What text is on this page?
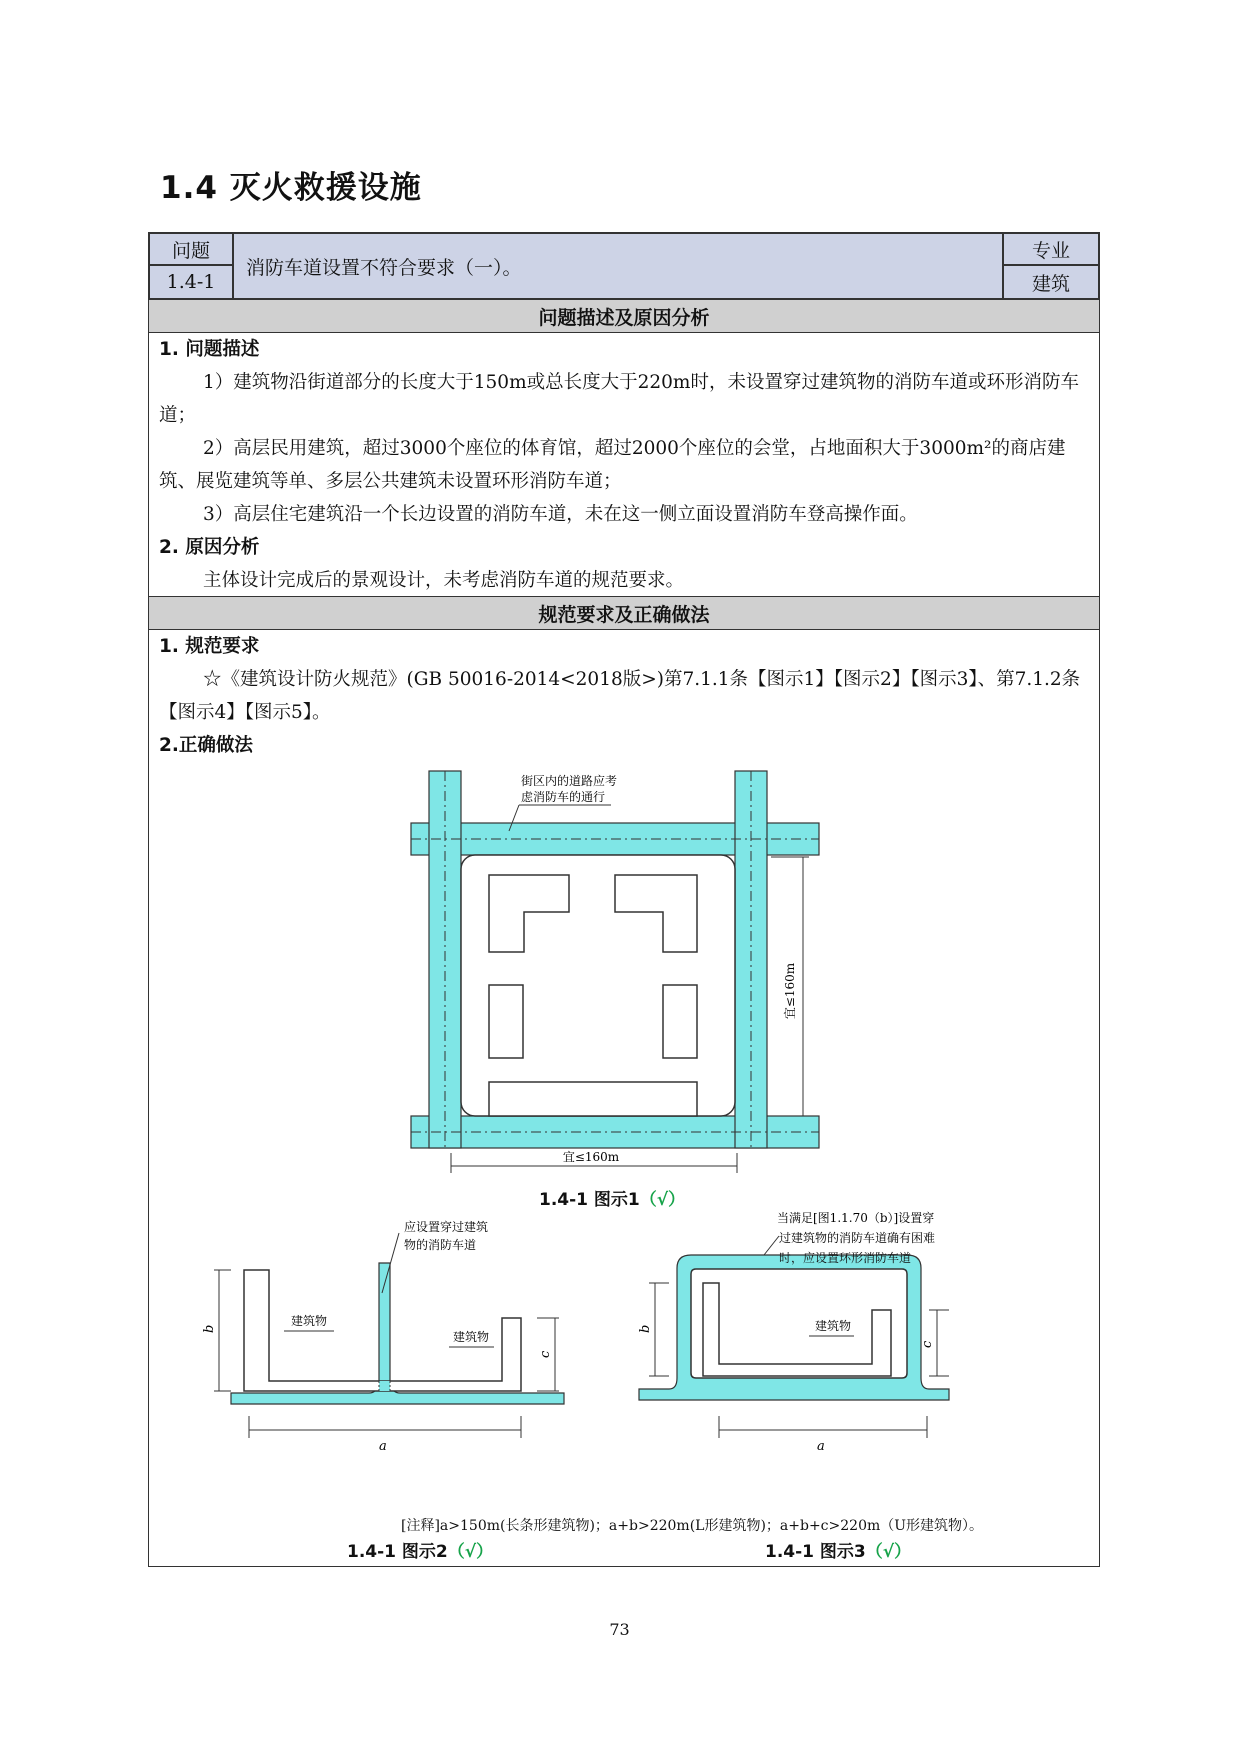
1.4 灭火救援设施
问题
1.4-1
消防车道设置不符合要求（一）。
专业
建筑
问题描述及原因分析
1. 问题描述
1）建筑物沿街道部分的长度大于150m或总长度大于220m时，未设置穿过建筑物的消防车道或环形消防车道；
2）高层民用建筑，超过3000个座位的体育馆，超过2000个座位的会堂，占地面积大于3000m²的商店建筑、展览建筑等单、多层公共建筑未设置环形消防车道；
3）高层住宅建筑沿一个长边设置的消防车道，未在这一侧立面设置消防车登高操作面。
2. 原因分析
主体设计完成后的景观设计，未考虑消防车道的规范要求。
规范要求及正确做法
1. 规范要求
☆《建筑设计防火规范》(GB 50016-2014<2018版>)第7.1.1条【图示1】【图示2】【图示3】、第7.1.2条【图示4】【图示5】。
2.正确做法
街区内的道路应考
虑消防车的通行
宜≤160m
宜≤160m
1.4-1 图示1（√）
应设置穿过建筑
物的消防车道
建筑物
建筑物
b
c
a
当满足[图1.1.70（b）]设置穿
过建筑物的消防车道确有困难
时，应设置环形消防车道
建筑物
b
c
a
[注释]a>150m(长条形建筑物)；a+b>220m(L形建筑物)；a+b+c>220m（U形建筑物）。
1.4-1 图示2（√）	1.4-1 图示3（√）
73
